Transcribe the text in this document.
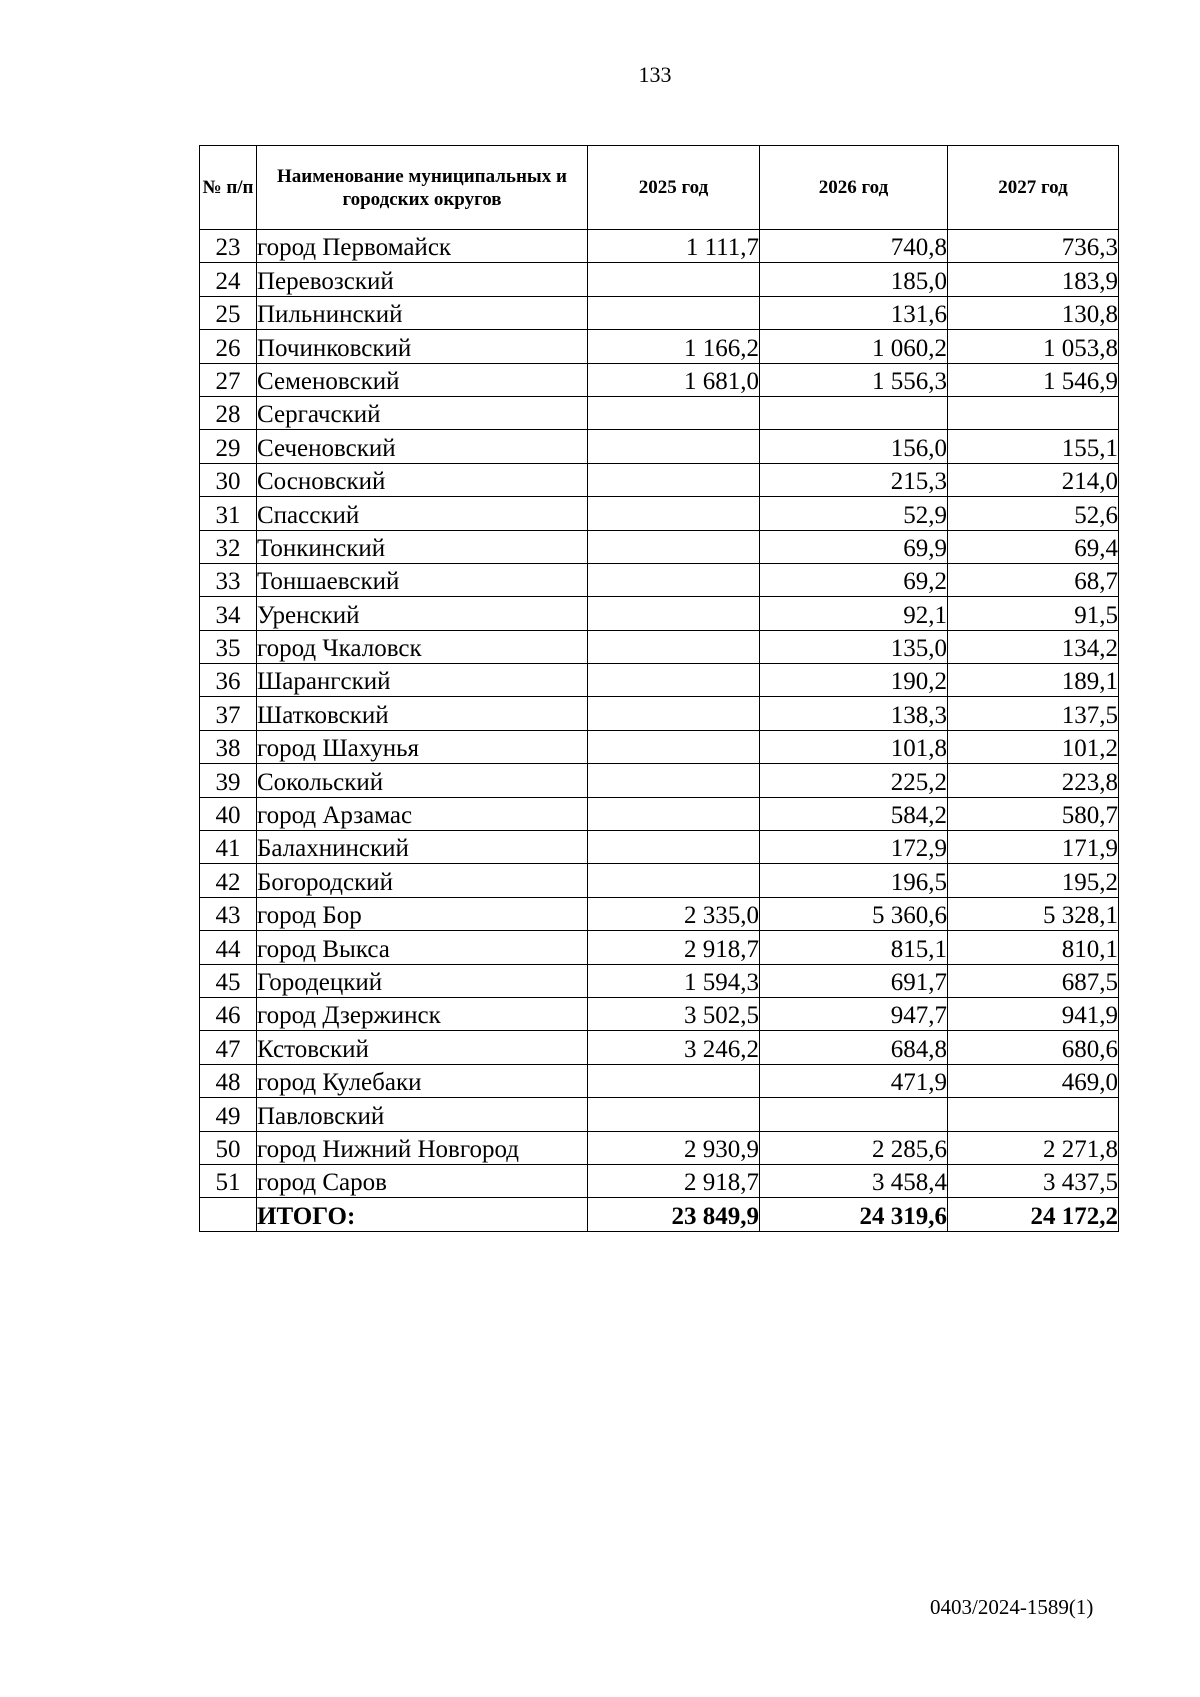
133
№ п/п	Наименование муниципальных и городских округов	2025 год	2026 год	2027 год
23	город Первомайск	1 111,7	740,8	736,3
24	Перевозский		185,0	183,9
25	Пильнинский		131,6	130,8
26	Починковский	1 166,2	1 060,2	1 053,8
27	Семеновский	1 681,0	1 556,3	1 546,9
28	Сергачский			
29	Сеченовский		156,0	155,1
30	Сосновский		215,3	214,0
31	Спасский		52,9	52,6
32	Тонкинский		69,9	69,4
33	Тоншаевский		69,2	68,7
34	Уренский		92,1	91,5
35	город Чкаловск		135,0	134,2
36	Шарангский		190,2	189,1
37	Шатковский		138,3	137,5
38	город Шахунья		101,8	101,2
39	Сокольский		225,2	223,8
40	город Арзамас		584,2	580,7
41	Балахнинский		172,9	171,9
42	Богородский		196,5	195,2
43	город Бор	2 335,0	5 360,6	5 328,1
44	город Выкса	2 918,7	815,1	810,1
45	Городецкий	1 594,3	691,7	687,5
46	город Дзержинск	3 502,5	947,7	941,9
47	Кстовский	3 246,2	684,8	680,6
48	город Кулебаки		471,9	469,0
49	Павловский			
50	город Нижний Новгород	2 930,9	2 285,6	2 271,8
51	город Саров	2 918,7	3 458,4	3 437,5
	ИТОГО:	23 849,9	24 319,6	24 172,2
0403/2024-1589(1)
